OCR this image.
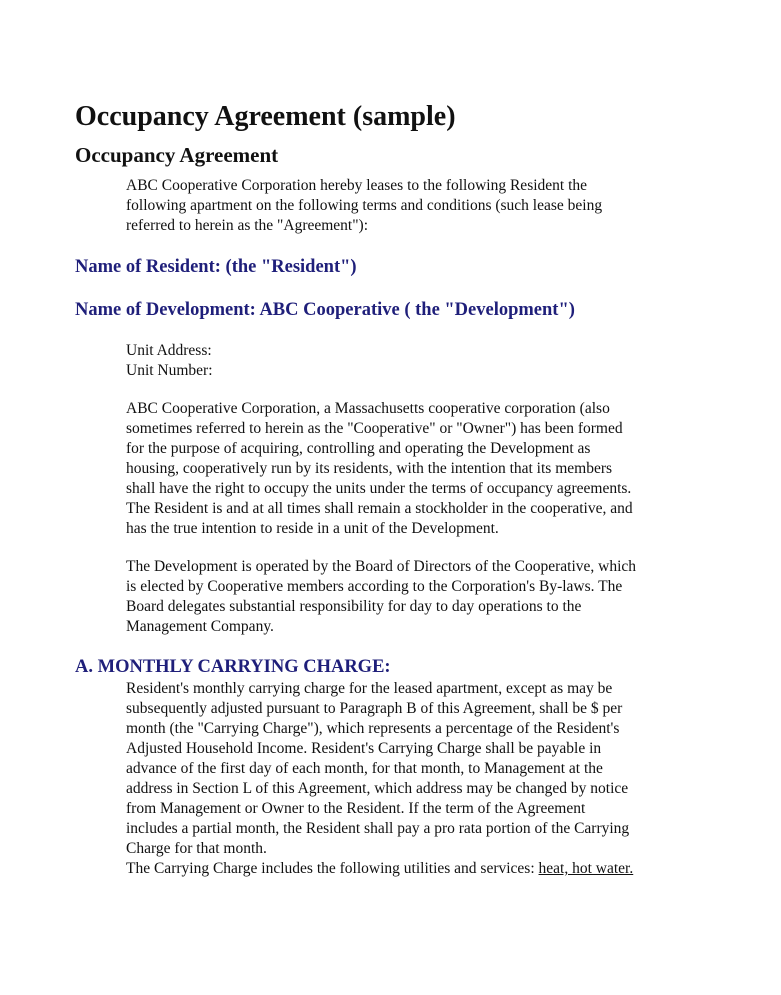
Occupancy Agreement (sample)
Occupancy Agreement
ABC Cooperative Corporation hereby leases to the following Resident the
following apartment on the following terms and conditions (such lease being
referred to herein as the "Agreement"):
Name of Resident: (the "Resident")
Name of Development: ABC Cooperative ( the "Development")
Unit Address:
Unit Number:
ABC Cooperative Corporation, a Massachusetts cooperative corporation (also
sometimes referred to herein as the "Cooperative" or "Owner") has been formed
for the purpose of acquiring, controlling and operating the Development as
housing, cooperatively run by its residents, with the intention that its members
shall have the right to occupy the units under the terms of occupancy agreements.
The Resident is and at all times shall remain a stockholder in the cooperative, and
has the true intention to reside in a unit of the Development.
The Development is operated by the Board of Directors of the Cooperative, which
is elected by Cooperative members according to the Corporation's By-laws. The
Board delegates substantial responsibility for day to day operations to the
Management Company.
A. MONTHLY CARRYING CHARGE:
Resident's monthly carrying charge for the leased apartment, except as may be
subsequently adjusted pursuant to Paragraph B of this Agreement, shall be $ per
month (the "Carrying Charge"), which represents a percentage of the Resident's
Adjusted Household Income. Resident's Carrying Charge shall be payable in
advance of the first day of each month, for that month, to Management at the
address in Section L of this Agreement, which address may be changed by notice
from Management or Owner to the Resident. If the term of the Agreement
includes a partial month, the Resident shall pay a pro rata portion of the Carrying
Charge for that month.
The Carrying Charge includes the following utilities and services: heat, hot water.
